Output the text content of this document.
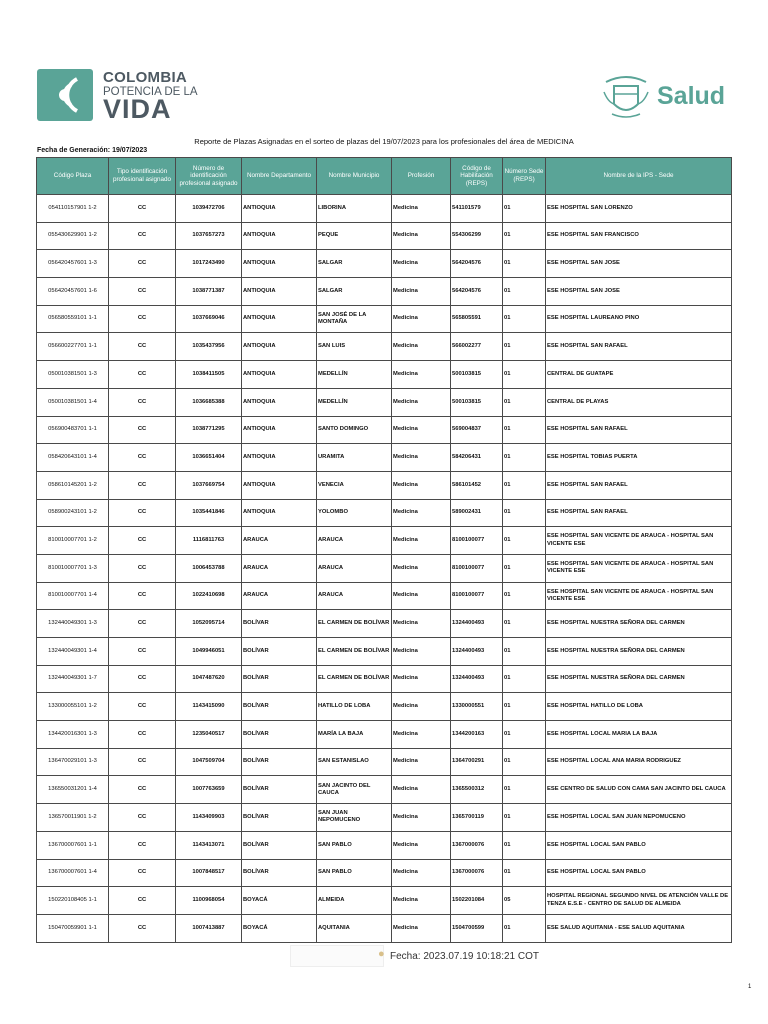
COLOMBIA
POTENCIA DE LA
VIDA	Salud
Reporte de Plazas Asignadas en el sorteo de plazas del 19/07/2023 para los profesionales del área de MEDICINA
Fecha de Generación: 19/07/2023
Código Plaza	Tipo identificación profesional asignado	Número de identificación profesional asignado	Nombre Departamento	Nombre Municipio	Profesión	Código de Habilitación (REPS)	Número Sede (REPS)	Nombre de la IPS - Sede
054110157901 1-2	CC	1039472706	ANTIOQUIA	LIBORINA	Medicina	541101579	01	ESE HOSPITAL SAN LORENZO
055430629901 1-2	CC	1037657273	ANTIOQUIA	PEQUE	Medicina	554306299	01	ESE HOSPITAL SAN FRANCISCO
056420457601 1-3	CC	1017243490	ANTIOQUIA	SALGAR	Medicina	564204576	01	ESE HOSPITAL SAN JOSE
056420457601 1-6	CC	1038771387	ANTIOQUIA	SALGAR	Medicina	564204576	01	ESE HOSPITAL SAN JOSE
056580559101 1-1	CC	1037669046	ANTIOQUIA	SAN JOSÉ DE LA MONTAÑA	Medicina	565805591	01	ESE HOSPITAL LAUREANO PINO
056600227701 1-1	CC	1035437956	ANTIOQUIA	SAN LUIS	Medicina	566002277	01	ESE HOSPITAL SAN RAFAEL
050010381501 1-3	CC	1038411505	ANTIOQUIA	MEDELLÍN	Medicina	500103815	01	CENTRAL DE GUATAPE
050010381501 1-4	CC	1036685388	ANTIOQUIA	MEDELLÍN	Medicina	500103815	01	CENTRAL DE PLAYAS
056900483701 1-1	CC	1038771295	ANTIOQUIA	SANTO DOMINGO	Medicina	569004837	01	ESE HOSPITAL SAN RAFAEL
058420643101 1-4	CC	1036651404	ANTIOQUIA	URAMITA	Medicina	584206431	01	ESE HOSPITAL TOBIAS PUERTA
058610145201 1-2	CC	1037669754	ANTIOQUIA	VENECIA	Medicina	586101452	01	ESE HOSPITAL SAN RAFAEL
058900243101 1-2	CC	1035441846	ANTIOQUIA	YOLOMBO	Medicina	589002431	01	ESE HOSPITAL SAN RAFAEL
810010007701 1-2	CC	1116811763	ARAUCA	ARAUCA	Medicina	8100100077	01	ESE HOSPITAL SAN VICENTE DE ARAUCA - HOSPITAL SAN VICENTE ESE
810010007701 1-3	CC	1006453788	ARAUCA	ARAUCA	Medicina	8100100077	01	ESE HOSPITAL SAN VICENTE DE ARAUCA - HOSPITAL SAN VICENTE ESE
810010007701 1-4	CC	1022410698	ARAUCA	ARAUCA	Medicina	8100100077	01	ESE HOSPITAL SAN VICENTE DE ARAUCA - HOSPITAL SAN VICENTE ESE
132440049301 1-3	CC	1052095714	BOLÍVAR	EL CARMEN DE BOLÍVAR	Medicina	1324400493	01	ESE HOSPITAL NUESTRA SEÑORA DEL CARMEN
132440049301 1-4	CC	1049946051	BOLÍVAR	EL CARMEN DE BOLÍVAR	Medicina	1324400493	01	ESE HOSPITAL NUESTRA SEÑORA DEL CARMEN
132440049301 1-7	CC	1047487620	BOLÍVAR	EL CARMEN DE BOLÍVAR	Medicina	1324400493	01	ESE HOSPITAL NUESTRA SEÑORA DEL CARMEN
133000055101 1-2	CC	1143415090	BOLÍVAR	HATILLO DE LOBA	Medicina	1330000551	01	ESE HOSPITAL HATILLO DE LOBA
134420016301 1-3	CC	1235040517	BOLÍVAR	MARÍA LA BAJA	Medicina	1344200163	01	ESE HOSPITAL LOCAL MARIA LA BAJA
136470029101 1-3	CC	1047509704	BOLÍVAR	SAN ESTANISLAO	Medicina	1364700291	01	ESE HOSPITAL LOCAL ANA MARIA RODRIGUEZ
136550031201 1-4	CC	1007763659	BOLÍVAR	SAN JACINTO DEL CAUCA	Medicina	1365500312	01	ESE CENTRO DE SALUD CON CAMA SAN JACINTO DEL CAUCA
136570011901 1-2	CC	1143409903	BOLÍVAR	SAN JUAN NEPOMUCENO	Medicina	1365700119	01	ESE HOSPITAL LOCAL SAN JUAN NEPOMUCENO
136700007601 1-1	CC	1143413071	BOLÍVAR	SAN PABLO	Medicina	1367000076	01	ESE HOSPITAL LOCAL SAN PABLO
136700007601 1-4	CC	1007848517	BOLÍVAR	SAN PABLO	Medicina	1367000076	01	ESE HOSPITAL LOCAL SAN PABLO
150220108405 1-1	CC	1100968054	BOYACÁ	ALMEIDA	Medicina	1502201084	05	HOSPITAL REGIONAL SEGUNDO NIVEL DE ATENCIÓN VALLE DE TENZA E.S.E - CENTRO DE SALUD DE ALMEIDA
150470059901 1-1	CC	1007413887	BOYACÁ	AQUITANIA	Medicina	1504700599	01	ESE SALUD AQUITANIA - ESE SALUD AQUITANIA
● Fecha: 2023.07.19 10:18:21 COT
1
